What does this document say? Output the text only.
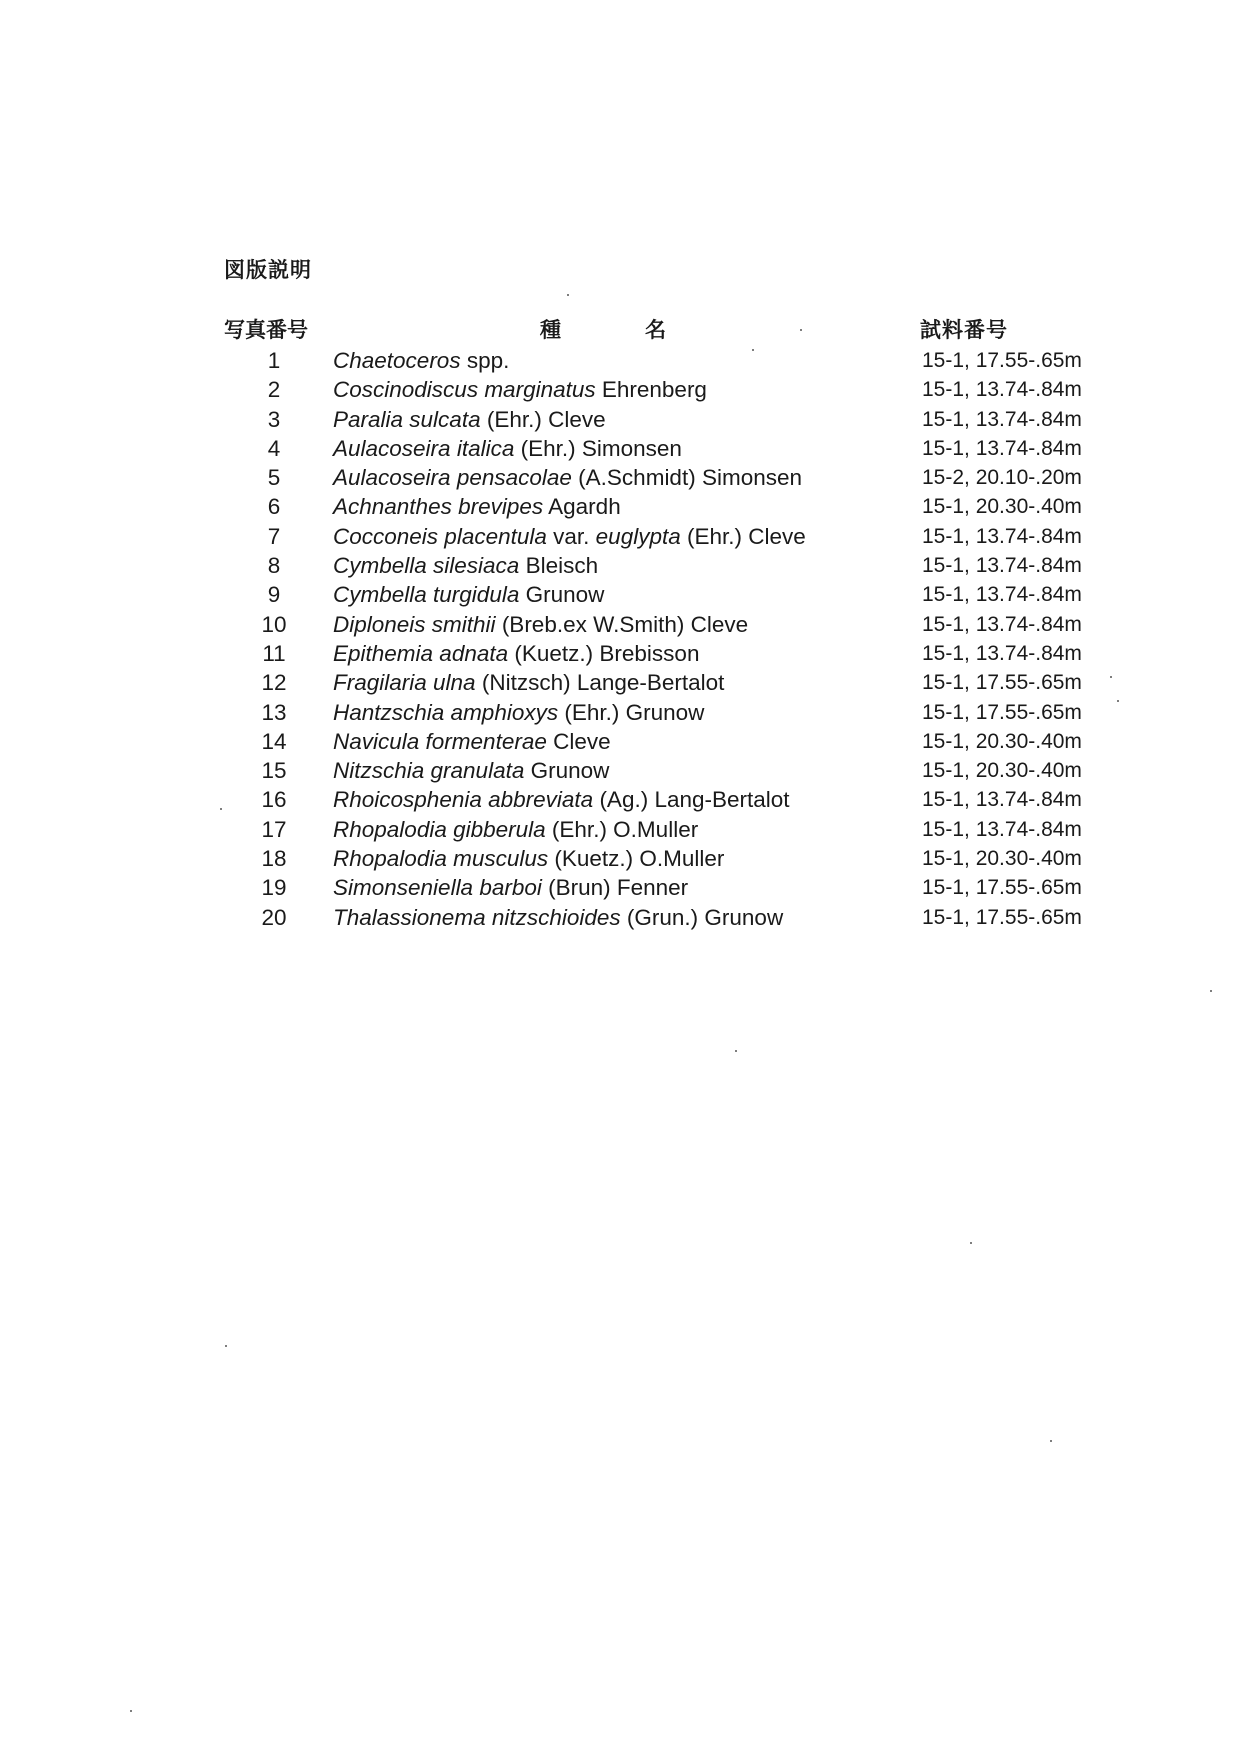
図版説明
写真番号	種名	試料番号
1	Chaetoceros spp.	15-1, 17.55-.65m
2	Coscinodiscus marginatus Ehrenberg	15-1, 13.74-.84m
3	Paralia sulcata (Ehr.) Cleve	15-1, 13.74-.84m
4	Aulacoseira italica (Ehr.) Simonsen	15-1, 13.74-.84m
5	Aulacoseira pensacolae (A.Schmidt) Simonsen	15-2, 20.10-.20m
6	Achnanthes brevipes Agardh	15-1, 20.30-.40m
7	Cocconeis placentula var. euglypta (Ehr.) Cleve	15-1, 13.74-.84m
8	Cymbella silesiaca Bleisch	15-1, 13.74-.84m
9	Cymbella turgidula Grunow	15-1, 13.74-.84m
10	Diploneis smithii (Breb.ex W.Smith) Cleve	15-1, 13.74-.84m
11	Epithemia adnata (Kuetz.) Brebisson	15-1, 13.74-.84m
12	Fragilaria ulna (Nitzsch) Lange-Bertalot	15-1, 17.55-.65m
13	Hantzschia amphioxys (Ehr.) Grunow	15-1, 17.55-.65m
14	Navicula formenterae Cleve	15-1, 20.30-.40m
15	Nitzschia granulata Grunow	15-1, 20.30-.40m
16	Rhoicosphenia abbreviata (Ag.) Lang-Bertalot	15-1, 13.74-.84m
17	Rhopalodia gibberula (Ehr.) O.Muller	15-1, 13.74-.84m
18	Rhopalodia musculus (Kuetz.) O.Muller	15-1, 20.30-.40m
19	Simonseniella barboi (Brun) Fenner	15-1, 17.55-.65m
20	Thalassionema nitzschioides (Grun.) Grunow	15-1, 17.55-.65m
